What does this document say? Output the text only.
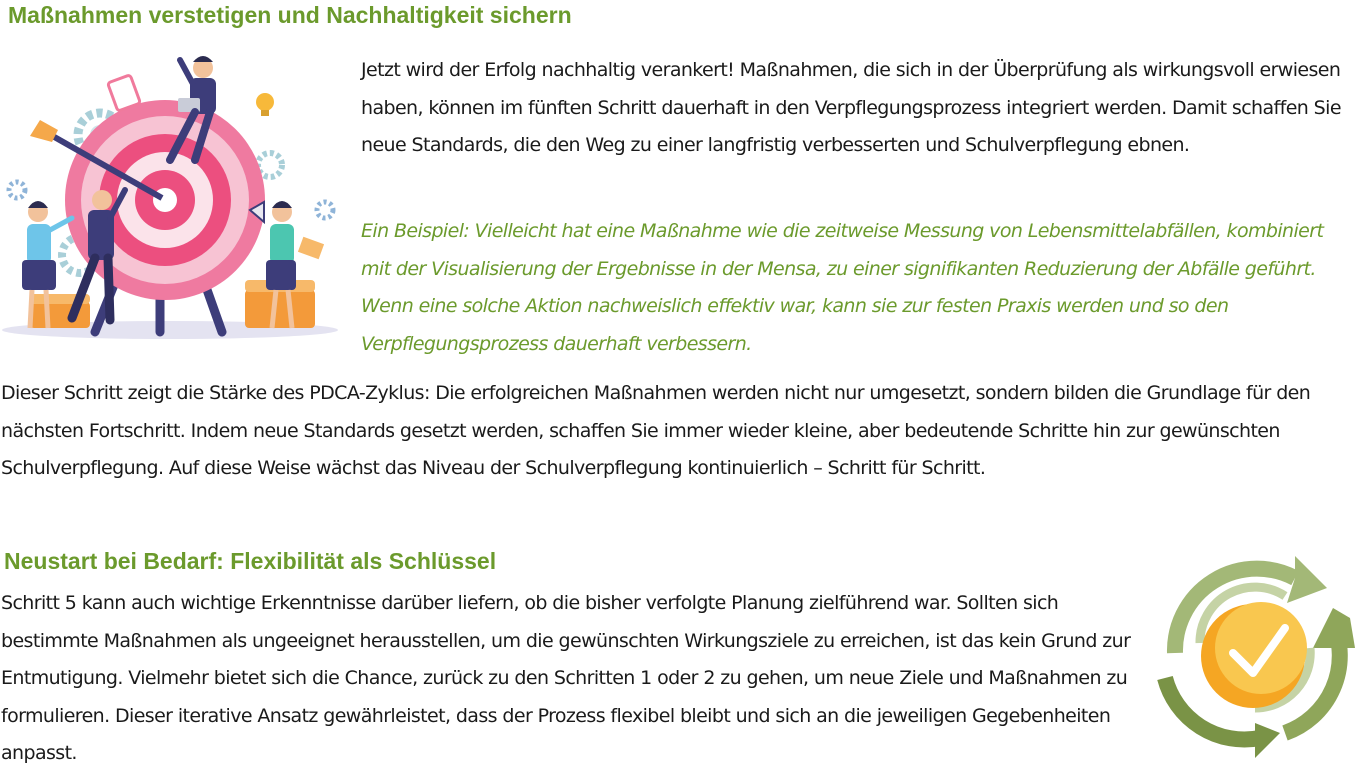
Maßnahmen verstetigen und Nachhaltigkeit sichern

Jetzt wird der Erfolg nachhaltig verankert! Maßnahmen, die sich in der Überprüfung als wirkungsvoll erwiesen haben, können im fünften Schritt dauerhaft in den Verpflegungsprozess integriert werden. Damit schaffen Sie neue Standards, die den Weg zu einer langfristig verbesserten und Schulverpflegung ebnen.

Ein Beispiel: Vielleicht hat eine Maßnahme wie die zeitweise Messung von Lebensmittelabfällen, kombiniert mit der Visualisierung der Ergebnisse in der Mensa, zu einer signifikanten Reduzierung der Abfälle geführt. Wenn eine solche Aktion nachweislich effektiv war, kann sie zur festen Praxis werden und so den Verpflegungsprozess dauerhaft verbessern.

Dieser Schritt zeigt die Stärke des PDCA-Zyklus: Die erfolgreichen Maßnahmen werden nicht nur umgesetzt, sondern bilden die Grundlage für den nächsten Fortschritt. Indem neue Standards gesetzt werden, schaffen Sie immer wieder kleine, aber bedeutende Schritte hin zur gewünschten Schulverpflegung. Auf diese Weise wächst das Niveau der Schulverpflegung kontinuierlich – Schritt für Schritt.

Neustart bei Bedarf: Flexibilität als Schlüssel

Schritt 5 kann auch wichtige Erkenntnisse darüber liefern, ob die bisher verfolgte Planung zielführend war. Sollten sich bestimmte Maßnahmen als ungeeignet herausstellen, um die gewünschten Wirkungsziele zu erreichen, ist das kein Grund zur Entmutigung. Vielmehr bietet sich die Chance, zurück zu den Schritten 1 oder 2 zu gehen, um neue Ziele und Maßnahmen zu formulieren. Dieser iterative Ansatz gewährleistet, dass der Prozess flexibel bleibt und sich an die jeweiligen Gegebenheiten anpasst.
